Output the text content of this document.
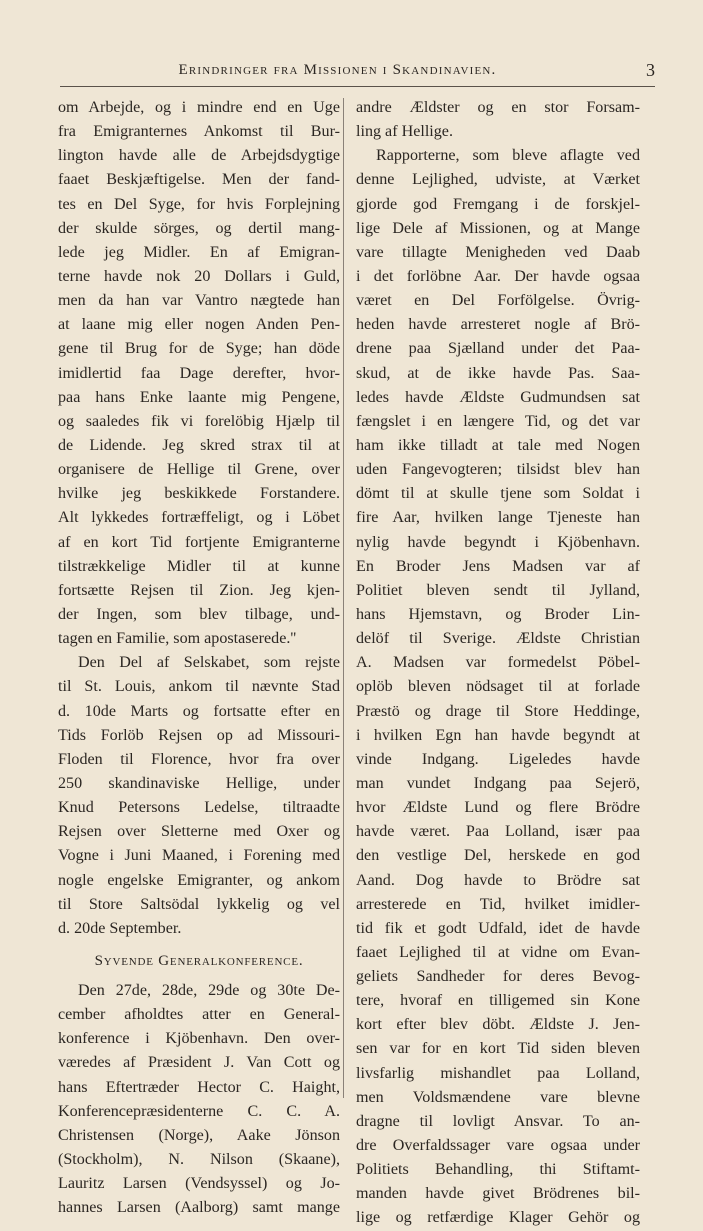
Erindringer fra Missionen i Skandinavien.	3
om Arbejde, og i mindre end en Uge
fra Emigranternes Ankomst til Bur-
lington havde alle de Arbejdsdygtige
faaet Beskjæftigelse. Men der fand-
tes en Del Syge, for hvis Forplejning
der skulde sörges, og dertil mang-
lede jeg Midler. En af Emigran-
terne havde nok 20 Dollars i Guld,
men da han var Vantro nægtede han
at laane mig eller nogen Anden Pen-
gene til Brug for de Syge; han döde
imidlertid faa Dage derefter, hvor-
paa hans Enke laante mig Pengene,
og saaledes fik vi forelöbig Hjælp til
de Lidende. Jeg skred strax til at
organisere de Hellige til Grene, over
hvilke jeg beskikkede Forstandere.
Alt lykkedes fortræffeligt, og i Löbet
af en kort Tid fortjente Emigranterne
tilstrækkelige Midler til at kunne
fortsætte Rejsen til Zion. Jeg kjen-
der Ingen, som blev tilbage, und-
tagen en Familie, som apostaserede.''
Den Del af Selskabet, som rejste
til St. Louis, ankom til nævnte Stad
d. 10de Marts og fortsatte efter en
Tids Forlöb Rejsen op ad Missouri-
Floden til Florence, hvor fra over
250 skandinaviske Hellige, under
Knud Petersons Ledelse, tiltraadte
Rejsen over Sletterne med Oxer og
Vogne i Juni Maaned, i Forening med
nogle engelske Emigranter, og ankom
til Store Saltsödal lykkelig og vel
d. 20de September.
Syvende Generalkonference.
Den 27de, 28de, 29de og 30te De-
cember afholdtes atter en General-
konference i Kjöbenhavn. Den over-
væredes af Præsident J. Van Cott og
hans Eftertræder Hector C. Haight,
Konferencepræsidenterne C. C. A.
Christensen (Norge), Aake Jönson
(Stockholm), N. Nilson (Skaane),
Lauritz Larsen (Vendsyssel) og Jo-
hannes Larsen (Aalborg) samt mange
andre Ældster og en stor Forsam-
ling af Hellige.
Rapporterne, som bleve aflagte ved
denne Lejlighed, udviste, at Værket
gjorde god Fremgang i de forskjel-
lige Dele af Missionen, og at Mange
vare tillagte Menigheden ved Daab
i det forlöbne Aar. Der havde ogsaa
været en Del Forfölgelse. Övrig-
heden havde arresteret nogle af Brö-
drene paa Sjælland under det Paa-
skud, at de ikke havde Pas. Saa-
ledes havde Ældste Gudmundsen sat
fængslet i en længere Tid, og det var
ham ikke tilladt at tale med Nogen
uden Fangevogteren; tilsidst blev han
dömt til at skulle tjene som Soldat i
fire Aar, hvilken lange Tjeneste han
nylig havde begyndt i Kjöbenhavn.
En Broder Jens Madsen var af
Politiet bleven sendt til Jylland,
hans Hjemstavn, og Broder Lin-
delöf til Sverige. Ældste Christian
A. Madsen var formedelst Pöbel-
oplöb bleven nödsaget til at forlade
Præstö og drage til Store Heddinge,
i hvilken Egn han havde begyndt at
vinde Indgang. Ligeledes havde
man vundet Indgang paa Sejerö,
hvor Ældste Lund og flere Brödre
havde været. Paa Lolland, især paa
den vestlige Del, herskede en god
Aand. Dog havde to Brödre sat
arresterede en Tid, hvilket imidler-
tid fik et godt Udfald, idet de havde
faaet Lejlighed til at vidne om Evan-
geliets Sandheder for deres Bevog-
tere, hvoraf en tilligemed sin Kone
kort efter blev döbt. Ældste J. Jen-
sen var for en kort Tid siden bleven
livsfarlig mishandlet paa Lolland,
men Voldsmændene vare blevne
dragne til lovligt Ansvar. To an-
dre Overfaldssager vare ogsaa under
Politiets Behandling, thi Stiftamt-
manden havde givet Brödrenes bil-
lige og retfærdige Klager Gehör og
